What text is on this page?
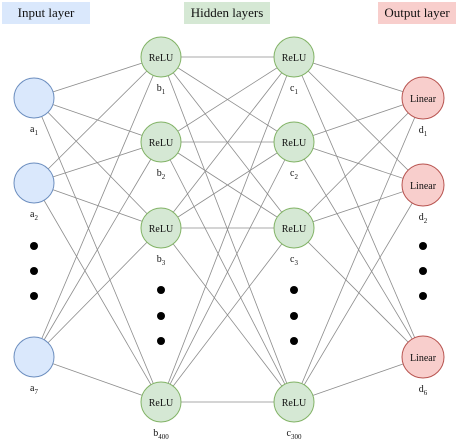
Input layer	Hidden layers	Output layer
$a_1$
$a_2$
$a_7$
ReLU
$b_1$
ReLU
$b_2$
ReLU
$b_3$
ReLU
$b_{400}$
ReLU
$c_1$
ReLU
$c_2$
ReLU
$c_3$
ReLU
$c_{300}$
Linear
$d_1$
Linear
$d_2$
Linear
$d_6$
